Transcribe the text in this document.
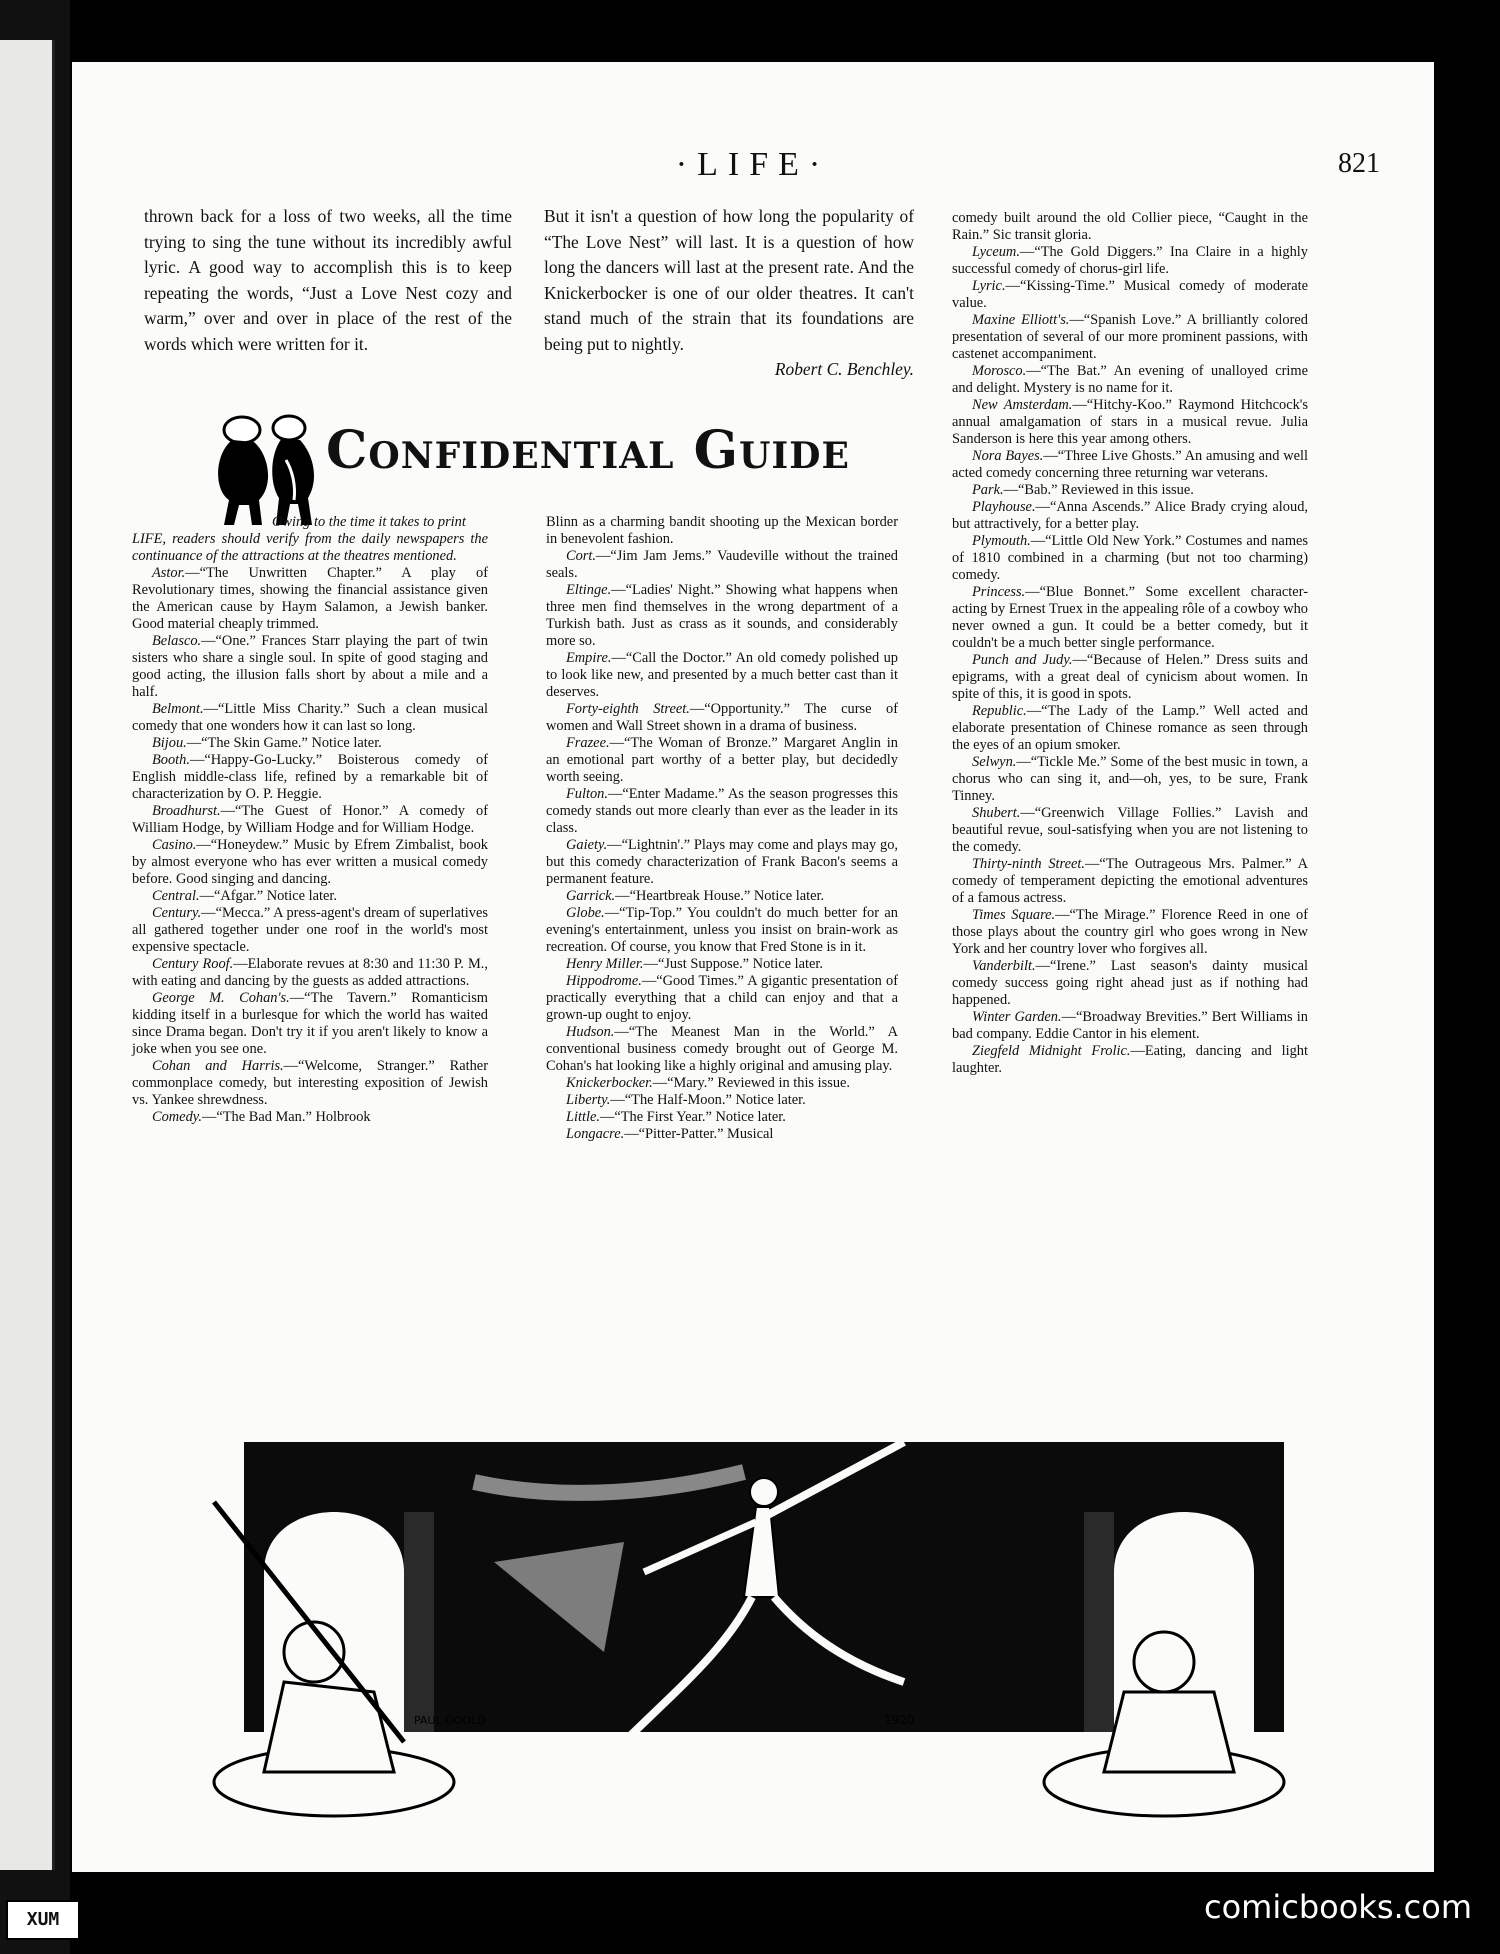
·LIFE·	821

thrown back for a loss of two weeks, all the time trying to sing the tune without its incredibly awful lyric. A good way to accomplish this is to keep repeating the words, “Just a Love Nest cozy and warm,” over and over in place of the rest of the words which were written for it.

But it isn't a question of how long the popularity of “The Love Nest” will last. It is a question of how long the dancers will last at the present rate. And the Knickerbocker is one of our older theatres. It can't stand much of the strain that its foundations are being put to nightly.

Robert C. Benchley.

Confidential Guide

Owing to the time it takes to print

LIFE, readers should verify from the daily newspapers the continuance of the attractions at the theatres mentioned.

Astor.—“The Unwritten Chapter.” A play of Revolutionary times, showing the financial assistance given the American cause by Haym Salamon, a Jewish banker. Good material cheaply trimmed.

Belasco.—“One.” Frances Starr playing the part of twin sisters who share a single soul. In spite of good staging and good acting, the illusion falls short by about a mile and a half.

Belmont.—“Little Miss Charity.” Such a clean musical comedy that one wonders how it can last so long.

Bijou.—“The Skin Game.” Notice later.

Booth.—“Happy-Go-Lucky.” Boisterous comedy of English middle-class life, refined by a remarkable bit of characterization by O. P. Heggie.

Broadhurst.—“The Guest of Honor.” A comedy of William Hodge, by William Hodge and for William Hodge.

Casino.—“Honeydew.” Music by Efrem Zimbalist, book by almost everyone who has ever written a musical comedy before. Good singing and dancing.

Central.—“Afgar.” Notice later.

Century.—“Mecca.” A press-agent's dream of superlatives all gathered together under one roof in the world's most expensive spectacle.

Century Roof.—Elaborate revues at 8:30 and 11:30 P. M., with eating and dancing by the guests as added attractions.

George M. Cohan's.—“The Tavern.” Romanticism kidding itself in a burlesque for which the world has waited since Drama began. Don't try it if you aren't likely to know a joke when you see one.

Cohan and Harris.—“Welcome, Stranger.” Rather commonplace comedy, but interesting exposition of Jewish vs. Yankee shrewdness.

Comedy.—“The Bad Man.” Holbrook

Blinn as a charming bandit shooting up the Mexican border in benevolent fashion.

Cort.—“Jim Jam Jems.” Vaudeville without the trained seals.

Eltinge.—“Ladies' Night.” Showing what happens when three men find themselves in the wrong department of a Turkish bath. Just as crass as it sounds, and considerably more so.

Empire.—“Call the Doctor.” An old comedy polished up to look like new, and presented by a much better cast than it deserves.

Forty-eighth Street.—“Opportunity.” The curse of women and Wall Street shown in a drama of business.

Frazee.—“The Woman of Bronze.” Margaret Anglin in an emotional part worthy of a better play, but decidedly worth seeing.

Fulton.—“Enter Madame.” As the season progresses this comedy stands out more clearly than ever as the leader in its class.

Gaiety.—“Lightnin'.” Plays may come and plays may go, but this comedy characterization of Frank Bacon's seems a permanent feature.

Garrick.—“Heartbreak House.” Notice later.

Globe.—“Tip-Top.” You couldn't do much better for an evening's entertainment, unless you insist on brain-work as recreation. Of course, you know that Fred Stone is in it.

Henry Miller.—“Just Suppose.” Notice later.

Hippodrome.—“Good Times.” A gigantic presentation of practically everything that a child can enjoy and that a grown-up ought to enjoy.

Hudson.—“The Meanest Man in the World.” A conventional business comedy brought out of George M. Cohan's hat looking like a highly original and amusing play.

Knickerbocker.—“Mary.” Reviewed in this issue.

Liberty.—“The Half-Moon.” Notice later.

Little.—“The First Year.” Notice later.

Longacre.—“Pitter-Patter.” Musical

comedy built around the old Collier piece, “Caught in the Rain.” Sic transit gloria.

Lyceum.—“The Gold Diggers.” Ina Claire in a highly successful comedy of chorus-girl life.

Lyric.—“Kissing-Time.” Musical comedy of moderate value.

Maxine Elliott's.—“Spanish Love.” A brilliantly colored presentation of several of our more prominent passions, with castenet accompaniment.

Morosco.—“The Bat.” An evening of unalloyed crime and delight. Mystery is no name for it.

New Amsterdam.—“Hitchy-Koo.” Raymond Hitchcock's annual amalgamation of stars in a musical revue. Julia Sanderson is here this year among others.

Nora Bayes.—“Three Live Ghosts.” An amusing and well acted comedy concerning three returning war veterans.

Park.—“Bab.” Reviewed in this issue.

Playhouse.—“Anna Ascends.” Alice Brady crying aloud, but attractively, for a better play.

Plymouth.—“Little Old New York.” Costumes and names of 1810 combined in a charming (but not too charming) comedy.

Princess.—“Blue Bonnet.” Some excellent character-acting by Ernest Truex in the appealing rôle of a cowboy who never owned a gun. It could be a better comedy, but it couldn't be a much better single performance.

Punch and Judy.—“Because of Helen.” Dress suits and epigrams, with a great deal of cynicism about women. In spite of this, it is good in spots.

Republic.—“The Lady of the Lamp.” Well acted and elaborate presentation of Chinese romance as seen through the eyes of an opium smoker.

Selwyn.—“Tickle Me.” Some of the best music in town, a chorus who can sing it, and—oh, yes, to be sure, Frank Tinney.

Shubert.—“Greenwich Village Follies.” Lavish and beautiful revue, soul-satisfying when you are not listening to the comedy.

Thirty-ninth Street.—“The Outrageous Mrs. Palmer.” A comedy of temperament depicting the emotional adventures of a famous actress.

Times Square.—“The Mirage.” Florence Reed in one of those plays about the country girl who goes wrong in New York and her country lover who forgives all.

Vanderbilt.—“Irene.” Last season's dainty musical comedy success going right ahead just as if nothing had happened.

Winter Garden.—“Broadway Brevities.” Bert Williams in bad company. Eddie Cantor in his element.

Ziegfeld Midnight Frolic.—Eating, dancing and light laughter.

PAUL GOOLD	1920
XUM	comicbooks.com
